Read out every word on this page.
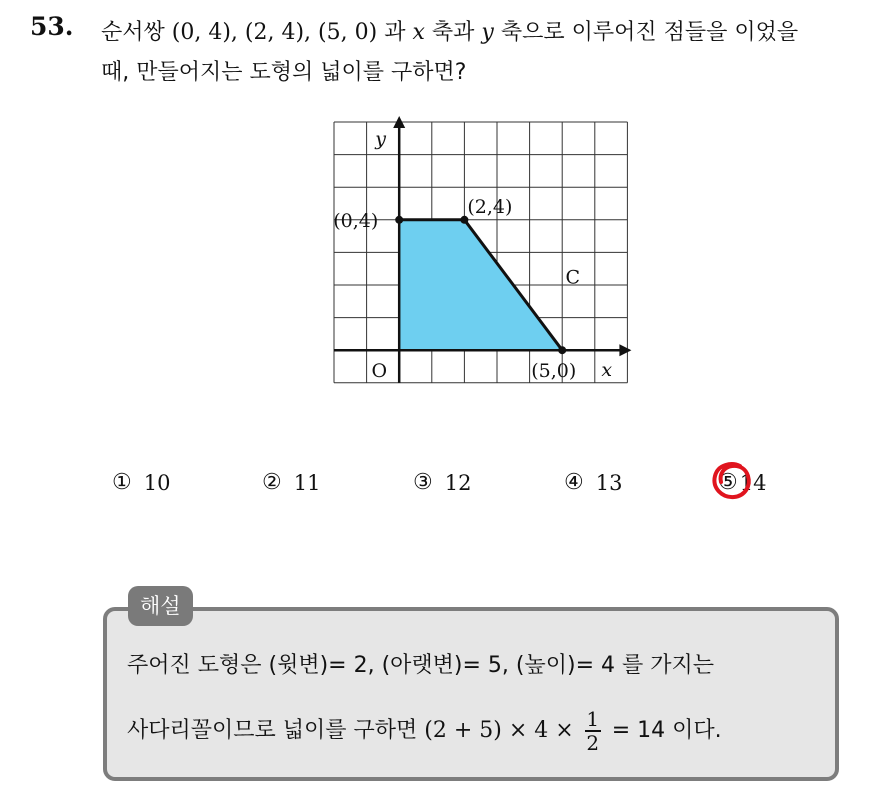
53. 순서쌍 (0, 4), (2, 4), (5, 0) 과 x 축과 y 축으로 이루어진 점들을 이었을
때, 만들어지는 도형의 넓이를 구하면?
(0,4)
(2,4)
(5,0)
C
O
y
x
① 10	② 11	③ 12	④ 13	⑤ 14
해설
주어진 도형은 (윗변)= 2, (아랫변)= 5, (높이)= 4 를 가지는
사다리꼴이므로 넓이를 구하면 $(2 + 5) \times 4 \times \frac{1}{2} = 14$ 이다.
